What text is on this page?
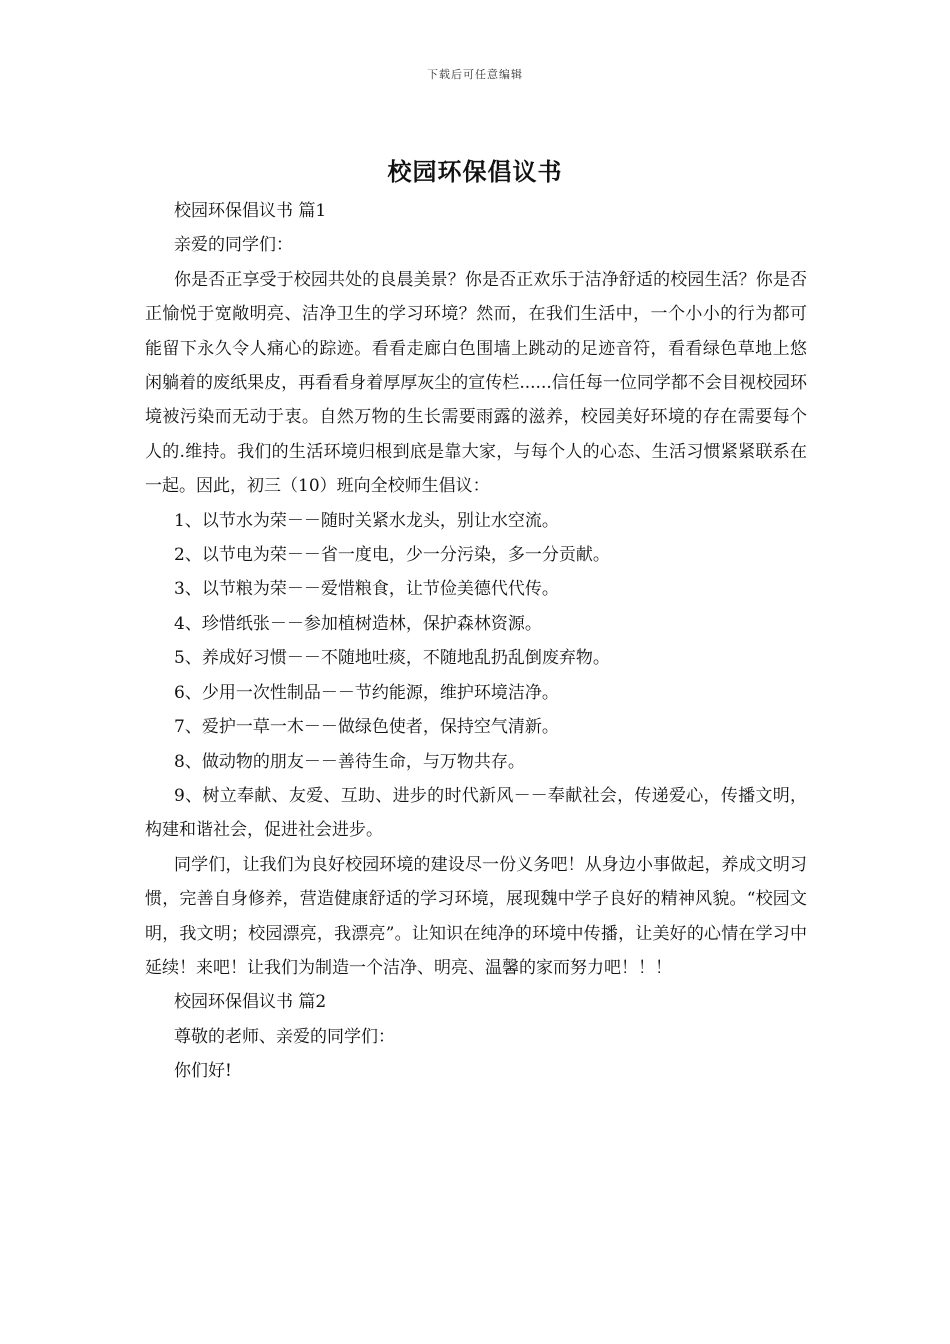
下载后可任意编辑
校园环保倡议书

校园环保倡议书 篇1

亲爱的同学们：

你是否正享受于校园共处的良晨美景？你是否正欢乐于洁净舒适的校园生活？你是否正愉悦于宽敞明亮、洁净卫生的学习环境？然而，在我们生活中，一个小小的行为都可能留下永久令人痛心的踪迹。看看走廊白色围墙上跳动的足迹音符，看看绿色草地上悠闲躺着的废纸果皮，再看看身着厚厚灰尘的宣传栏......信任每一位同学都不会目视校园环境被污染而无动于衷。自然万物的生长需要雨露的滋养，校园美好环境的存在需要每个人的.维持。我们的生活环境归根到底是靠大家，与每个人的心态、生活习惯紧紧联系在一起。因此，初三（10）班向全校师生倡议：

1、以节水为荣－－随时关紧水龙头，别让水空流。

2、以节电为荣－－省一度电，少一分污染，多一分贡献。

3、以节粮为荣－－爱惜粮食，让节俭美德代代传。

4、珍惜纸张－－参加植树造林，保护森林资源。

5、养成好习惯－－不随地吐痰，不随地乱扔乱倒废弃物。

6、少用一次性制品－－节约能源，维护环境洁净。

7、爱护一草一木－－做绿色使者，保持空气清新。

8、做动物的朋友－－善待生命，与万物共存。

9、树立奉献、友爱、互助、进步的时代新风－－奉献社会，传递爱心，传播文明，构建和谐社会，促进社会进步。

同学们，让我们为良好校园环境的建设尽一份义务吧！从身边小事做起，养成文明习惯，完善自身修养，营造健康舒适的学习环境，展现魏中学子良好的精神风貌。“校园文明，我文明；校园漂亮，我漂亮”。让知识在纯净的环境中传播，让美好的心情在学习中延续！来吧！让我们为制造一个洁净、明亮、温馨的家而努力吧！！！

校园环保倡议书 篇2

尊敬的老师、亲爱的同学们：

你们好!
